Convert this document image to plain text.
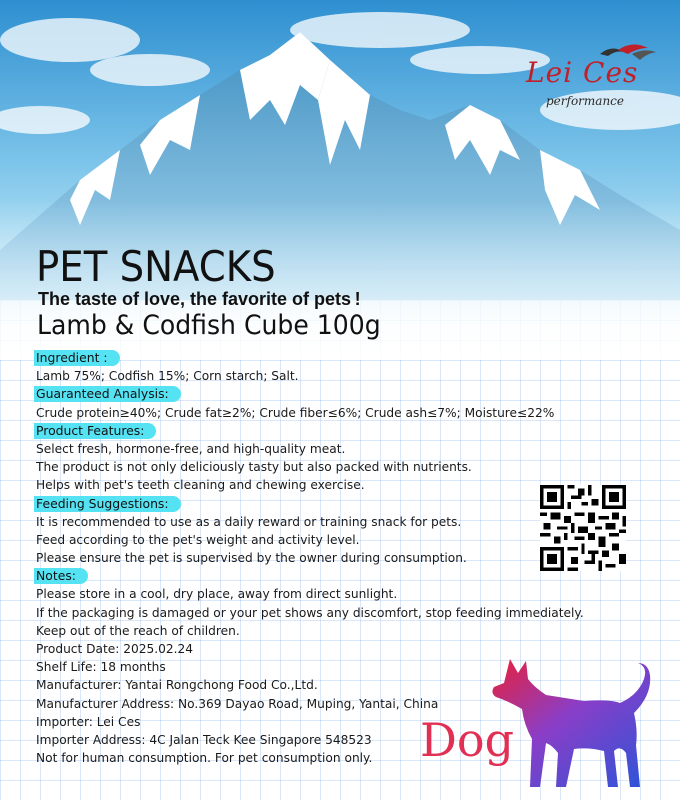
Lei Ces
performance
PET SNACKS
The taste of love, the favorite of pets !
Lamb & Codfish Cube 100g
Ingredient :
Lamb 75%; Codfish 15%; Corn starch; Salt.
Guaranteed Analysis:
Crude protein≥40%; Crude fat≥2%; Crude fiber≤6%; Crude ash≤7%; Moisture≤22%
Product Features:
Select fresh, hormone-free, and high-quality meat.
The product is not only deliciously tasty but also packed with nutrients.
Helps with pet's teeth cleaning and chewing exercise.
Feeding Suggestions:
It is recommended to use as a daily reward or training snack for pets.
Feed according to the pet's weight and activity level.
Please ensure the pet is supervised by the owner during consumption.
Notes:
Please store in a cool, dry place, away from direct sunlight.
If the packaging is damaged or your pet shows any discomfort, stop feeding immediately.
Keep out of the reach of children.
Product Date: 2025.02.24
Shelf Life: 18 months
Manufacturer: Yantai Rongchong Food Co.,Ltd.
Manufacturer Address: No.369 Dayao Road, Muping, Yantai, China
Importer: Lei Ces
Importer Address: 4C Jalan Teck Kee Singapore 548523
Not for human consumption. For pet consumption only.	Dog
